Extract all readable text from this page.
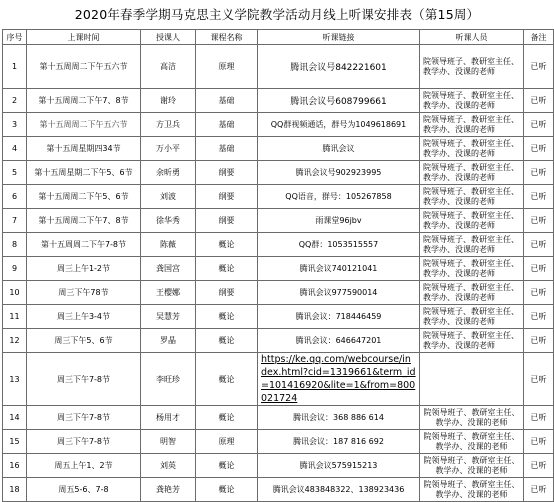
2020年春季学期马克思主义学院教学活动月线上听课安排表（第15周）
序号	上课时间	授课人	课程名称	听课链接	听课人员	备注
1	第十五周周二下午五六节	高洁	原理	腾讯会议号842221601	院领导班子、教研室主任、教学办、没课的老师	已听
2	第十五周周二下午7、8节	谢玲	基础	腾讯会议号608799661	院领导班子、教研室主任、教学办、没课的老师	已听
3	第十五周周二下午五六节	方卫兵	基础	QQ群视频通话，群号为1049618691	院领导班子、教研室主任、教学办、没课的老师	已听
4	第十五周星期四34节	万小平	基础	腾讯会议	院领导班子、教研室主任、教学办、没课的老师	已听
5	第十五周星期二下午5、6节	余昕勇	纲要	腾讯会议号902923995	院领导班子、教研室主任、教学办、没课的老师	已听
6	第十五周周二下午5、6节	刘波	纲要	QQ语音，群号：105267858	院领导班子、教研室主任、教学办、没课的老师	已听
7	第十五周周二下午7、8节	徐华秀	纲要	雨课堂96jbv	院领导班子、教研室主任、教学办、没课的老师	已听
8	第十五周周二下午7-8节	陈薇	概论	QQ群：1053515557	院领导班子、教研室主任、教学办、没课的老师	已听
9	周三上午1-2节	龚国宫	概论	腾讯会议740121041	院领导班子、教研室主任、教学办、没课的老师	已听
10	周三下午78节	王樱娜	纲要	腾讯会议977590014	院领导班子、教研室主任、教学办、没课的老师	已听
11	周三上午3-4节	吴慧芳	概论	腾讯会议：718446459	院领导班子、教研室主任、教学办、没课的老师	已听
12	周三下午5、6节	罗晶	概论	腾讯会议：646647201	院领导班子、教研室主任、教学办、没课的老师	已听
13	周三下午7-8节	李旺珍	概论	https://ke.qq.com/webcourse/index.html?cid=1319661&term_id=101416920&lite=1&from=800021724		已听
14	周三下午7-8节	杨用才	概论	腾讯会议：368 886 614	院领导班子、教研室主任、教学办、没课的老师	已听
15	周三下午7-8节	明智	原理	腾讯会议：187 816 692	院领导班子、教研室主任、教学办、没课的老师	已听
16	周五上午1、2节	刘英	概论	腾讯会议575915213	院领导班子、教研室主任、教学办、没课的老师	已听
18	周五5-6、7-8	龚艳芳	概论	腾讯会议483848322、138923436	院领导班子、教研室主任、教学办、没课的老师	已听
